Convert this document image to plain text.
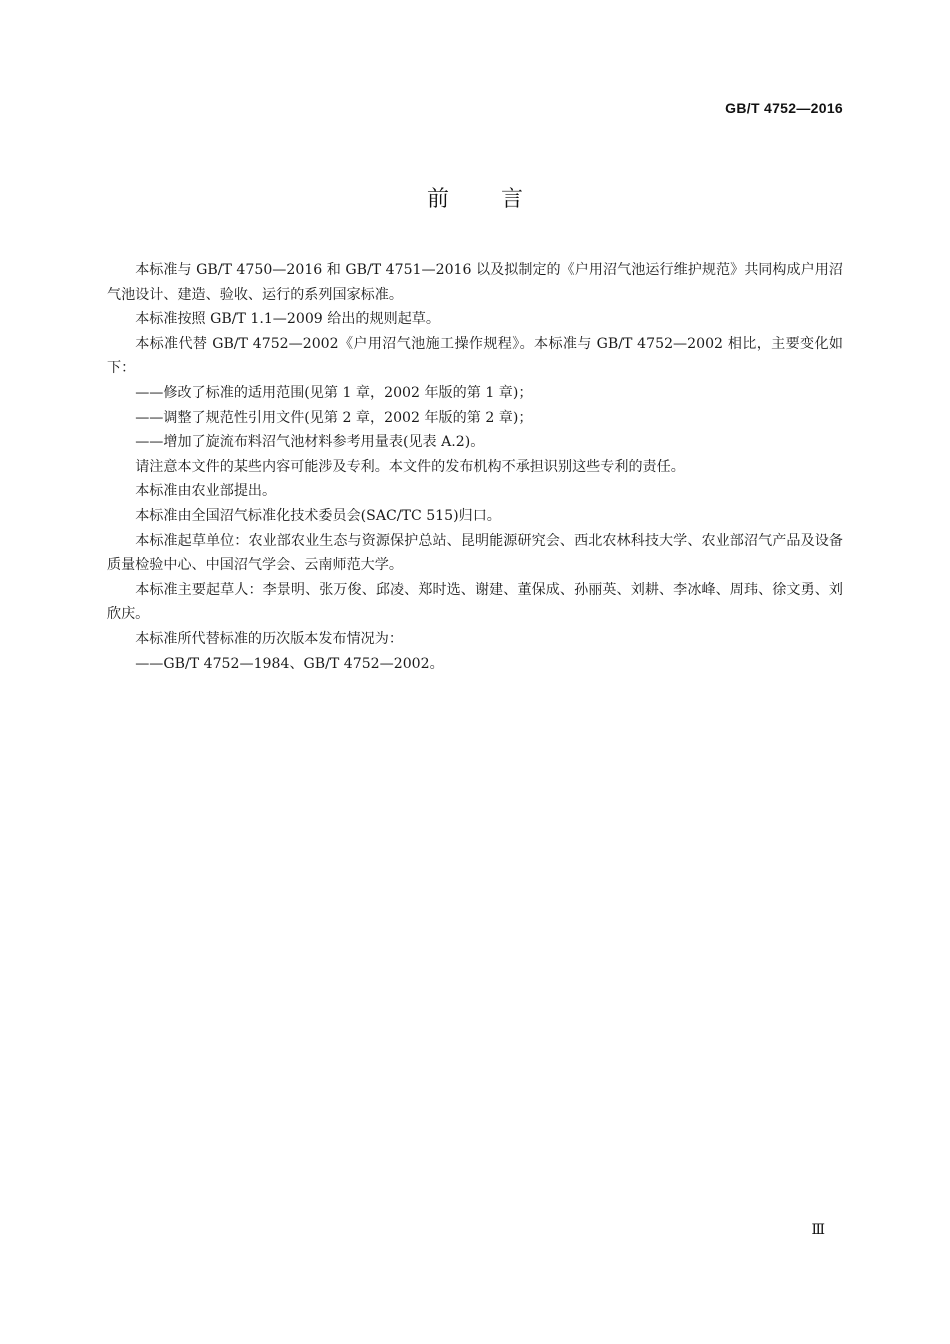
GB/T 4752—2016
前言

本标准与 GB/T 4750—2016 和 GB/T 4751—2016 以及拟制定的《户用沼气池运行维护规范》共同构成户用沼气池设计、建造、验收、运行的系列国家标准。

本标准按照 GB/T 1.1—2009 给出的规则起草。

本标准代替 GB/T 4752—2002《户用沼气池施工操作规程》。本标准与 GB/T 4752—2002 相比，主要变化如下：

——修改了标准的适用范围(见第 1 章，2002 年版的第 1 章)；

——调整了规范性引用文件(见第 2 章，2002 年版的第 2 章)；

——增加了旋流布料沼气池材料参考用量表(见表 A.2)。

请注意本文件的某些内容可能涉及专利。本文件的发布机构不承担识别这些专利的责任。

本标准由农业部提出。

本标准由全国沼气标准化技术委员会(SAC/TC 515)归口。

本标准起草单位：农业部农业生态与资源保护总站、昆明能源研究会、西北农林科技大学、农业部沼气产品及设备质量检验中心、中国沼气学会、云南师范大学。

本标准主要起草人：李景明、张万俊、邱凌、郑时选、谢建、董保成、孙丽英、刘耕、李冰峰、周玮、徐文勇、刘欣庆。

本标准所代替标准的历次版本发布情况为：

——GB/T 4752—1984、GB/T 4752—2002。

Ⅲ
